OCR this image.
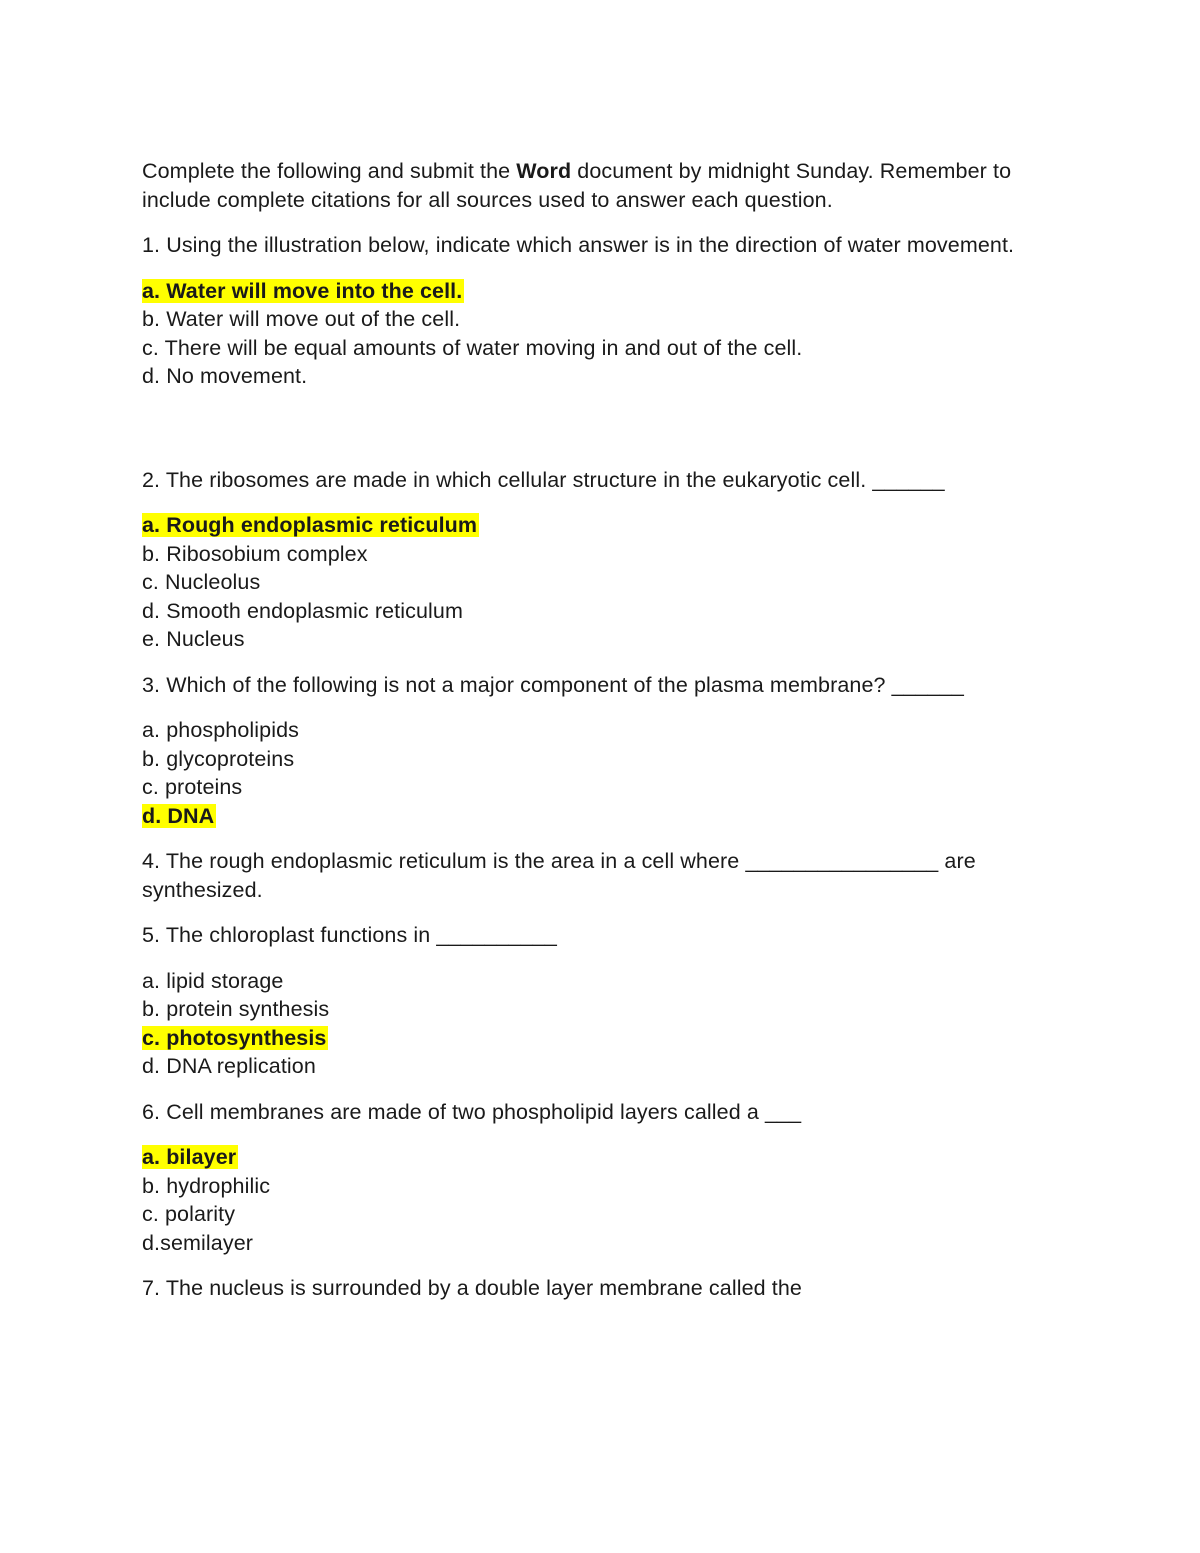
Complete the following and submit the Word document by midnight Sunday. Remember to include complete citations for all sources used to answer each question.

1. Using the illustration below, indicate which answer is in the direction of water movement.

a. Water will move into the cell.
b. Water will move out of the cell.
c. There will be equal amounts of water moving in and out of the cell.
d. No movement.

2. The ribosomes are made in which cellular structure in the eukaryotic cell. ______

a. Rough endoplasmic reticulum
b. Ribosobium complex
c. Nucleolus
d. Smooth endoplasmic reticulum
e. Nucleus

3. Which of the following is not a major component of the plasma membrane? ______

a. phospholipids
b. glycoproteins
c. proteins
d. DNA

4. The rough endoplasmic reticulum is the area in a cell where ________________ are synthesized.

5. The chloroplast functions in __________

a. lipid storage
b. protein synthesis
c. photosynthesis
d. DNA replication

6. Cell membranes are made of two phospholipid layers called a ___

a. bilayer
b. hydrophilic
c. polarity
d.semilayer

7. The nucleus is surrounded by a double layer membrane called the
